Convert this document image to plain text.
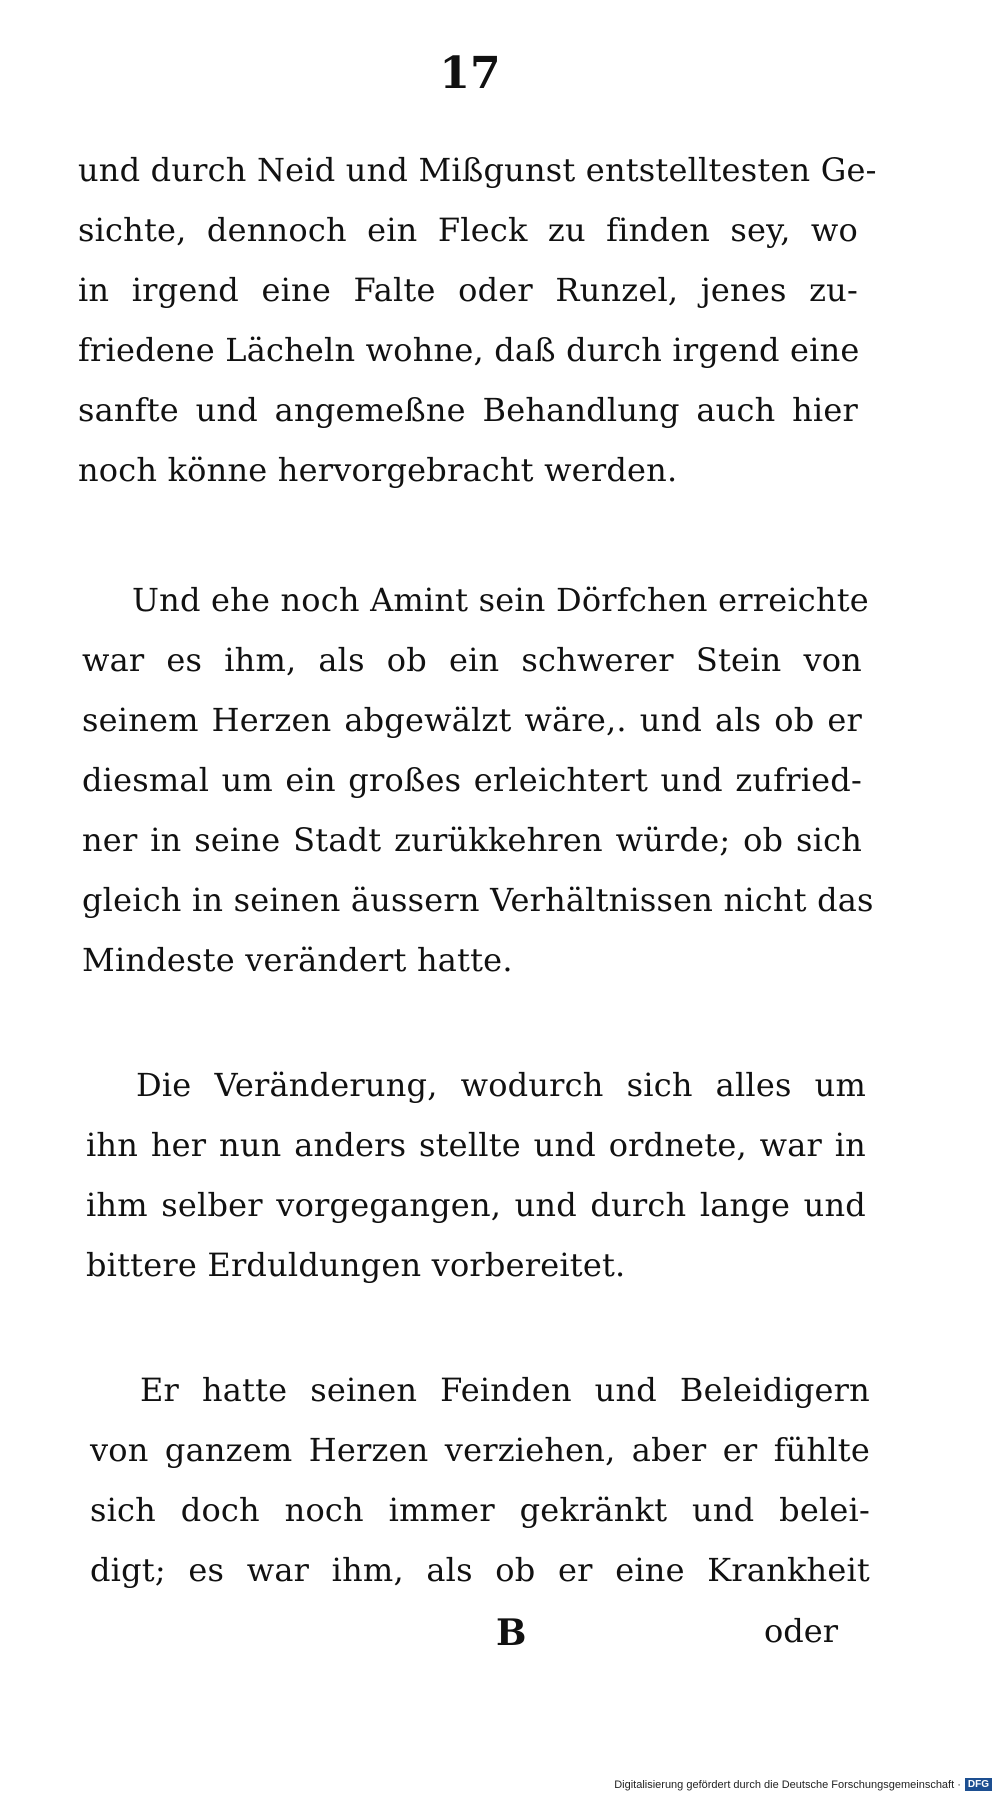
17
und durch Neid und Mißgunst entstelltesten Ge-
sichte, dennoch ein Fleck zu finden sey, wo
in irgend eine Falte oder Runzel, jenes zu-
friedene Lächeln wohne, daß durch irgend eine
sanfte und angemeßne Behandlung auch hier
noch könne hervorgebracht werden.
Und ehe noch Amint sein Dörfchen erreichte
war es ihm, als ob ein schwerer Stein von
seinem Herzen abgewälzt wäre,. und als ob er
diesmal um ein großes erleichtert und zufried-
ner in seine Stadt zurükkehren würde; ob sich
gleich in seinen äussern Verhältnissen nicht das
Mindeste verändert hatte.
Die Veränderung, wodurch sich alles um
ihn her nun anders stellte und ordnete, war in
ihm selber vorgegangen, und durch lange und
bittere Erduldungen vorbereitet.
Er hatte seinen Feinden und Beleidigern
von ganzem Herzen verziehen, aber er fühlte
sich doch noch immer gekränkt und belei-
digt; es war ihm, als ob er eine Krankheit
B	oder
Digitalisierung gefördert durch die Deutsche Forschungsgemeinschaft · DFG
